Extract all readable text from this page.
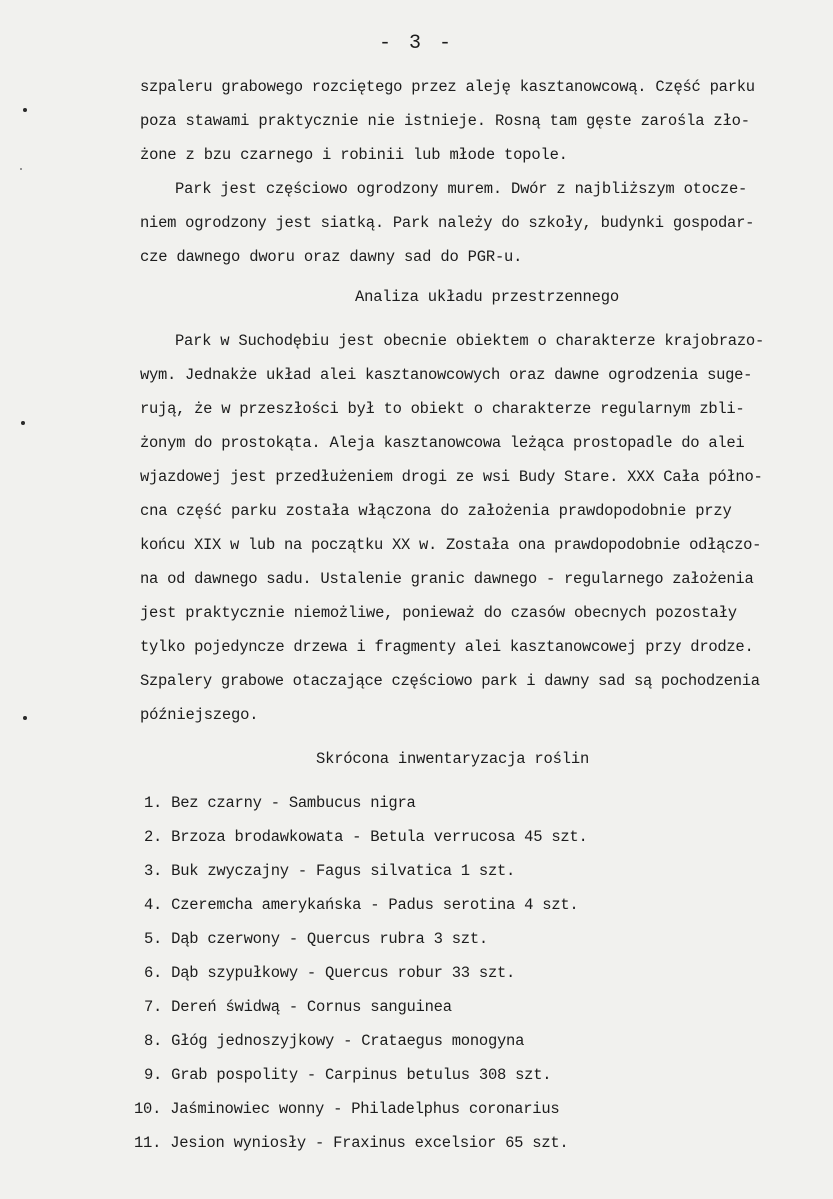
- 3 -
szpaleru grabowego rozciętego przez aleję kasztanowcową. Część parku
poza stawami praktycznie nie istnieje. Rosną tam gęste zarośla zło-
żone z bzu czarnego i robinii lub młode topole.
Park jest częściowo ogrodzony murem. Dwór z najbliższym otocze-
niem ogrodzony jest siatką. Park należy do szkoły, budynki gospodar-
cze dawnego dworu oraz dawny sad do PGR-u.
Analiza układu przestrzennego
Park w Suchodębiu jest obecnie obiektem o charakterze krajobrazo-
wym. Jednakże układ alei kasztanowcowych oraz dawne ogrodzenia suge-
rują, że w przeszłości był to obiekt o charakterze regularnym zbli-
żonym do prostokąta. Aleja kasztanowcowa leżąca prostopadle do alei
wjazdowej jest przedłużeniem drogi ze wsi Budy Stare. XXX Cała półno-
cna część parku została włączona do założenia prawdopodobnie przy
końcu XIX w lub na początku XX w. Została ona prawdopodobnie odłączo-
na od dawnego sadu. Ustalenie granic dawnego - regularnego założenia
jest praktycznie niemożliwe, ponieważ do czasów obecnych pozostały
tylko pojedyncze drzewa i fragmenty alei kasztanowcowej przy drodze.
Szpalery grabowe otaczające częściowo park i dawny sad są pochodzenia
późniejszego.
Skrócona inwentaryzacja roślin
1. Bez czarny - Sambucus nigra
2. Brzoza brodawkowata - Betula verrucosa 45 szt.
3. Buk zwyczajny - Fagus silvatica 1 szt.
4. Czeremcha amerykańska - Padus serotina 4 szt.
5. Dąb czerwony - Quercus rubra 3 szt.
6. Dąb szypułkowy - Quercus robur 33 szt.
7. Dereń świdwą - Cornus sanguinea
8. Głóg jednoszyjkowy - Crataegus monogyna
9. Grab pospolity - Carpinus betulus 308 szt.
10. Jaśminowiec wonny - Philadelphus coronarius
11. Jesion wyniosły - Fraxinus excelsior 65 szt.
